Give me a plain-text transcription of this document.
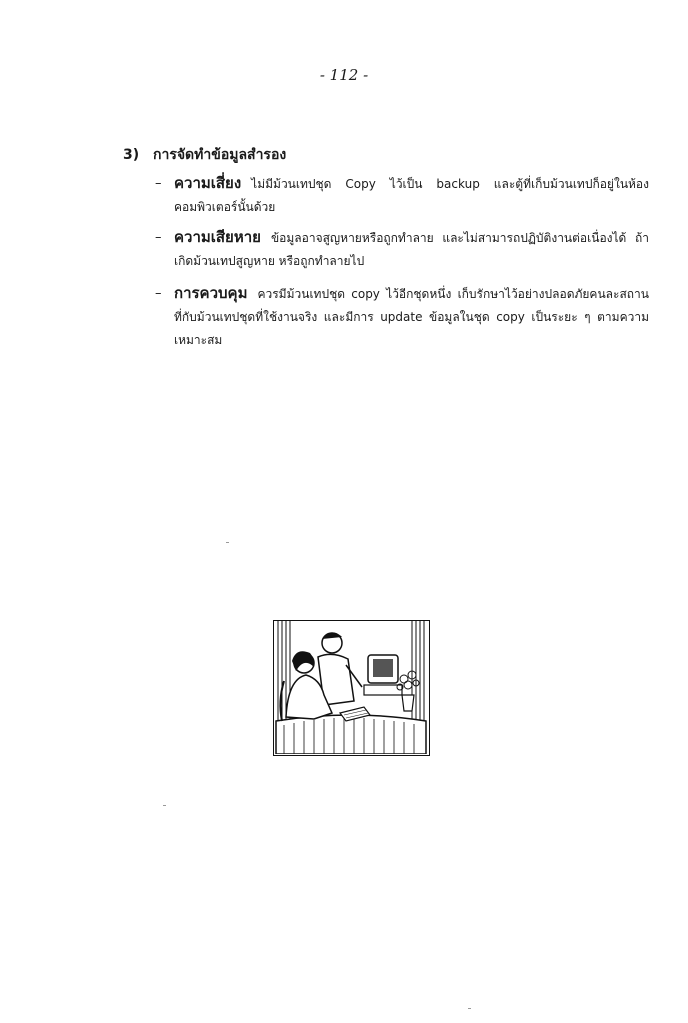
- 112 -
3) การจัดทำข้อมูลสำรอง
– ความเสี่ยง ไม่มีม้วนเทปชุด Copy ไว้เป็น backup และตู้ที่เก็บม้วนเทปก็อยู่ในห้องคอมพิวเตอร์นั้นด้วย
– ความเสียหาย ข้อมูลอาจสูญหายหรือถูกทำลาย และไม่สามารถปฏิบัติงานต่อเนื่องได้ ถ้าเกิดม้วนเทปสูญหาย หรือถูกทำลายไป
– การควบคุม ควรมีม้วนเทปชุด copy ไว้อีกชุดหนึ่ง เก็บรักษาไว้อย่างปลอดภัยคนละสถานที่กับม้วนเทปชุดที่ใช้งานจริง และมีการ update ข้อมูลในชุด copy เป็นระยะ ๆ ตามความเหมาะสม
